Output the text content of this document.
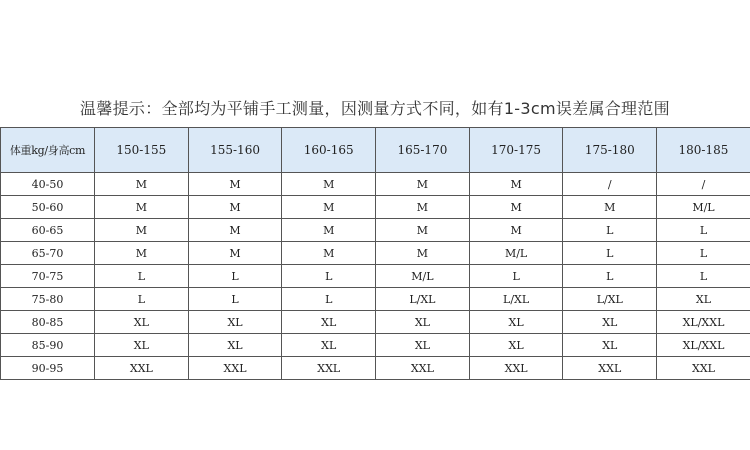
温馨提示：全部均为平铺手工测量，因测量方式不同，如有1-3cm误差属合理范围
体重kg/身高cm	150-155	155-160	160-165	165-170	170-175	175-180	180-185
40-50	M	M	M	M	M	/	/
50-60	M	M	M	M	M	M	M/L
60-65	M	M	M	M	M	L	L
65-70	M	M	M	M	M/L	L	L
70-75	L	L	L	M/L	L	L	L
75-80	L	L	L	L/XL	L/XL	L/XL	XL
80-85	XL	XL	XL	XL	XL	XL	XL/XXL
85-90	XL	XL	XL	XL	XL	XL	XL/XXL
90-95	XXL	XXL	XXL	XXL	XXL	XXL	XXL
